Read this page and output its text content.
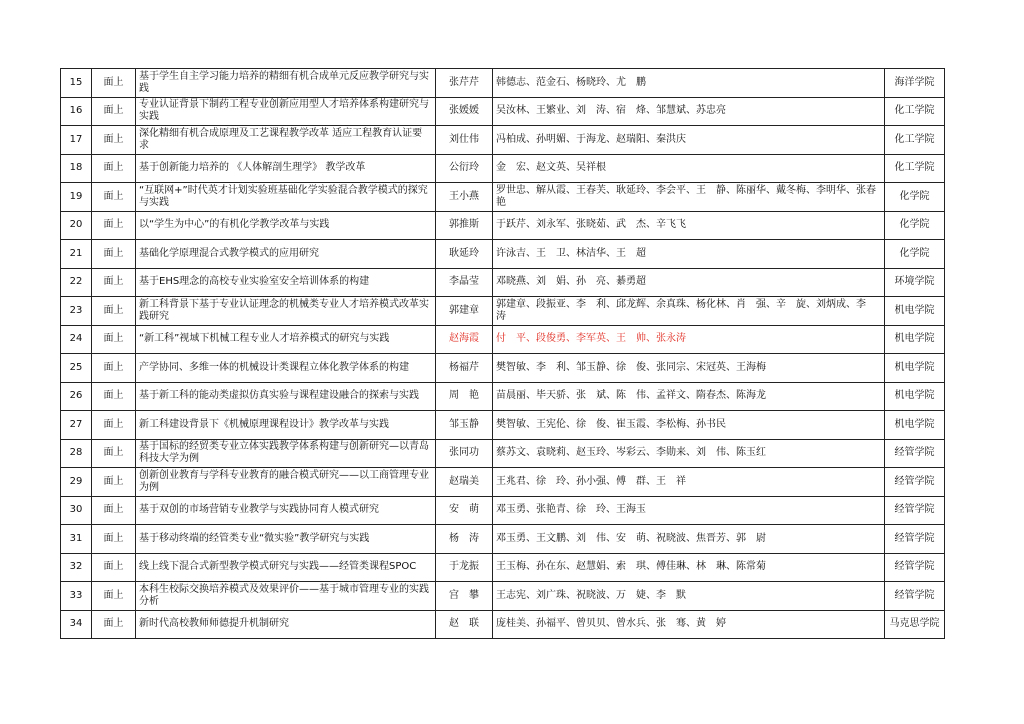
15	面上	基于学生自主学习能力培养的精细有机合成单元反应教学研究与实践	张芹芹	韩德志、范金石、杨晓玲、尤　鹏	海洋学院
16	面上	专业认证背景下制药工程专业创新应用型人才培养体系构建研究与实践	张媛媛	吴汝林、王繁业、刘　涛、宿　烽、邹慧斌、苏忠亮	化工学院
17	面上	深化精细有机合成原理及工艺课程教学改革 适应工程教育认证要求	刘仕伟	冯柏成、孙明媚、于海龙、赵瑞阳、秦洪庆	化工学院
18	面上	基于创新能力培养的 《人体解剖生理学》 教学改革	公衍玲	金　宏、赵文英、吴祥根	化工学院
19	面上	“互联网+”时代英才计划实验班基础化学实验混合教学模式的探究与实践	王小燕	罗世忠、解从霞、王春芙、耿延玲、李会平、王　静、陈丽华、戴冬梅、李明华、张春艳	化学院
20	面上	以“学生为中心”的有机化学教学改革与实践	郭推斯	于跃芹、刘永军、张晓茹、武　杰、辛飞飞	化学院
21	面上	基础化学原理混合式教学模式的应用研究	耿延玲	许泳吉、王　卫、林洁华、王　超	化学院
22	面上	基于EHS理念的高校专业实验室安全培训体系的构建	李晶莹	邓晓燕、刘　娟、孙　亮、綦勇超	环境学院
23	面上	新工科背景下基于专业认证理念的机械类专业人才培养模式改革实践研究	郭建章	郭建章、段振亚、李　利、邱龙辉、余真珠、杨化林、肖　强、辛　旋、刘炳成、李　涛	机电学院
24	面上	“新工科”视域下机械工程专业人才培养模式的研究与实践	赵海霞	付　平、段俊勇、李军英、王　帅、张永涛	机电学院
25	面上	产学协同、多维一体的机械设计类课程立体化教学体系的构建	杨福芹	樊智敏、李　利、邹玉静、徐　俊、张同宗、宋冠英、王海梅	机电学院
26	面上	基于新工科的能动类虚拟仿真实验与课程建设融合的探索与实践	周　艳	苗晨丽、毕天骄、张　斌、陈　伟、孟祥文、隋春杰、陈海龙	机电学院
27	面上	新工科建设背景下《机械原理课程设计》教学改革与实践	邹玉静	樊智敏、王宪伦、徐　俊、崔玉霞、李松梅、孙书民	机电学院
28	面上	基于国标的经贸类专业立体实践教学体系构建与创新研究—以青岛科技大学为例	张同功	蔡苏文、袁晓莉、赵玉玲、岑彩云、李勋来、刘　伟、陈玉红	经管学院
29	面上	创新创业教育与学科专业教育的融合模式研究——以工商管理专业为例	赵瑞美	王兆君、徐　玲、孙小强、傅　群、王　祥	经管学院
30	面上	基于双创的市场营销专业教学与实践协同育人模式研究	安　萌	邓玉勇、张艳青、徐　玲、王海玉	经管学院
31	面上	基于移动终端的经管类专业“微实验”教学研究与实践	杨　涛	邓玉勇、王文鹏、刘　伟、安　萌、祝晓波、焦晋芳、郭　尉	经管学院
32	面上	线上线下混合式新型教学模式研究与实践——经管类课程SPOC	于龙振	王玉梅、孙在东、赵慧娟、索　琪、傅佳琳、林　琳、陈常菊	经管学院
33	面上	本科生校际交换培养模式及效果评价——基于城市管理专业的实践分析	宫　攀	王志宪、刘广珠、祝晓波、万　婕、李　默	经管学院
34	面上	新时代高校教师师德提升机制研究	赵　联	庞桂美、孙福平、曾贝贝、曾水兵、张　骞、黄　婷	马克思学院
